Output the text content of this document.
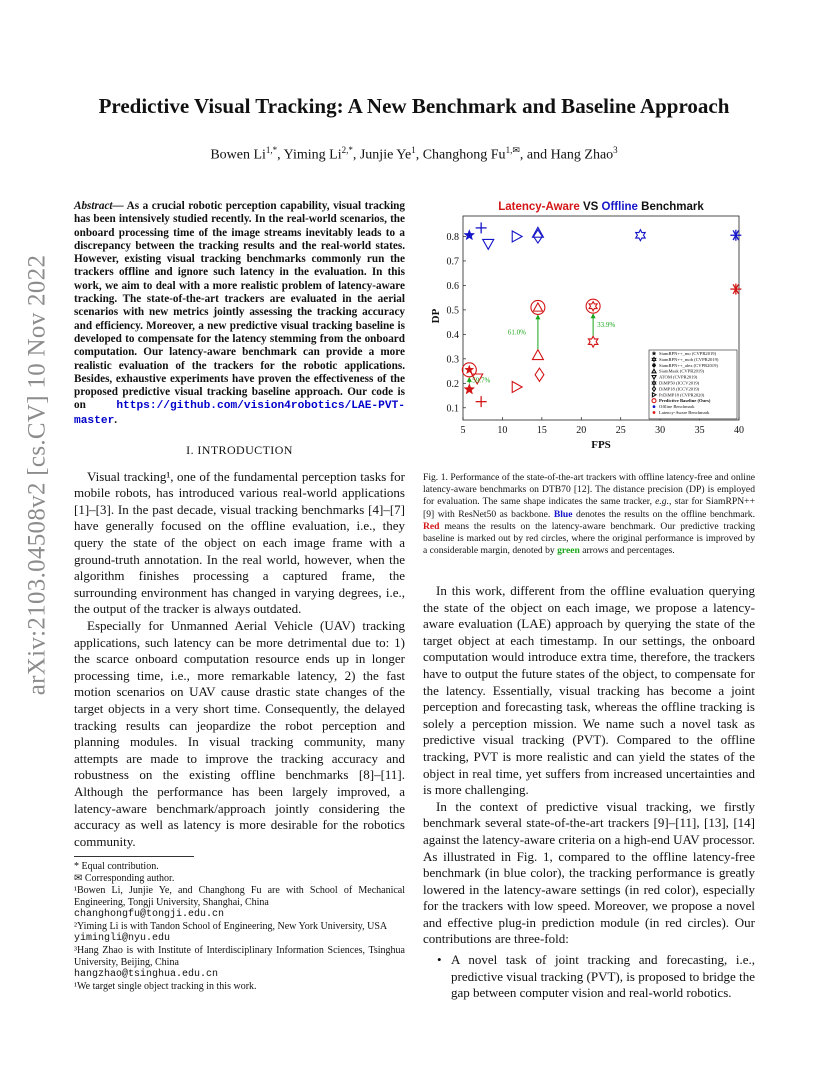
arXiv:2103.04508v2 [cs.CV] 10 Nov 2022
Predictive Visual Tracking: A New Benchmark and Baseline Approach
Bowen $Li^{1,*}$, Yiming $Li^{2,*}$, Junjie Ye$^1$, Changhong $Fu^{1,✉}$, and Hang Zhao$^3$

Abstract— As a crucial robotic perception capability, visual tracking has been intensively studied recently. In the real-world scenarios, the onboard processing time of the image streams inevitably leads to a discrepancy between the tracking results and the real-world states. However, existing visual tracking benchmarks commonly run the trackers offline and ignore such latency in the evaluation. In this work, we aim to deal with a more realistic problem of latency-aware tracking. The state-of-the-art trackers are evaluated in the aerial scenarios with new metrics jointly assessing the tracking accuracy and efficiency. Moreover, a new predictive visual tracking baseline is developed to compensate for the latency stemming from the onboard computation. Our latency-aware benchmark can provide a more realistic evaluation of the trackers for the robotic applications. Besides, exhaustive experiments have proven the effectiveness of the proposed predictive visual tracking baseline approach. Our code is on https://github.com/vision4robotics/LAE-PVT-master.

I. INTRODUCTION

Visual tracking¹, one of the fundamental perception tasks for mobile robots, has introduced various real-world applications [1]–[3]. In the past decade, visual tracking benchmarks [4]–[7] have generally focused on the offline evaluation, i.e., they query the state of the object on each image frame with a ground-truth annotation. In the real world, however, when the algorithm finishes processing a captured frame, the surrounding environment has changed in varying degrees, i.e., the output of the tracker is always outdated.

Especially for Unmanned Aerial Vehicle (UAV) tracking applications, such latency can be more detrimental due to: 1) the scarce onboard computation resource ends up in longer processing time, i.e., more remarkable latency, 2) the fast motion scenarios on UAV cause drastic state changes of the target objects in a very short time. Consequently, the delayed tracking results can jeopardize the robot perception and planning modules. In visual tracking community, many attempts are made to improve the tracking accuracy and robustness on the existing offline benchmarks [8]–[11]. Although the performance has been largely improved, a latency-aware benchmark/approach jointly considering the accuracy as well as latency is more desirable for the robotics community.

* Equal contribution.
✉ Corresponding author.
¹Bowen Li, Junjie Ye, and Changhong Fu are with School of Mechanical Engineering, Tongji University, Shanghai, China
changhongfu@tongji.edu.cn
²Yiming Li is with Tandon School of Engineering, New York University, USA
yimingli@nyu.edu
³Hang Zhao is with Institute of Interdisciplinary Information Sciences, Tsinghua University, Beijing, China
hangzhao@tsinghua.edu.cn
¹We target single object tracking in this work.
Latency-Aware VS Offline Benchmark
5	10	15	20	25	30	35	40
0.1
0.2
0.3
0.4
0.5
0.6
0.7
0.8
FPS
DP
59.7%
61.0%
33.9%
SiamRPN++_mo (CVPR2019)
SiamRPN++_mob (CVPR2019)
SiamRPN++_alex (CVPR2019)
SiamMask (CVPR2019)
ATOM (CVPR2019)
DiMP50 (ICCV2019)
DiMP18 (ICCV2019)
PrDiMP18 (CVPR2020)
Predictive Baseline (Ours)
Offline Benchmark
Latency-Aware Benchmark
Fig. 1. Performance of the state-of-the-art trackers with offline latency-free and online latency-aware benchmarks on DTB70 [12]. The distance precision (DP) is employed for evaluation. The same shape indicates the same tracker, e.g., star for SiamRPN++ [9] with ResNet50 as backbone. Blue denotes the results on the offline benchmark. Red means the results on the latency-aware benchmark. Our predictive tracking baseline is marked out by red circles, where the original performance is improved by a considerable margin, denoted by green arrows and percentages.

In this work, different from the offline evaluation querying the state of the object on each image, we propose a latency-aware evaluation (LAE) approach by querying the state of the target object at each timestamp. In our settings, the onboard computation would introduce extra time, therefore, the trackers have to output the future states of the object, to compensate for the latency. Essentially, visual tracking has become a joint perception and forecasting task, whereas the offline tracking is solely a perception mission. We name such a novel task as predictive visual tracking (PVT). Compared to the offline tracking, PVT is more realistic and can yield the states of the object in real time, yet suffers from increased uncertainties and is more challenging.

In the context of predictive visual tracking, we firstly benchmark several state-of-the-art trackers [9]–[11], [13], [14] against the latency-aware criteria on a high-end UAV processor. As illustrated in Fig. 1, compared to the offline latency-free benchmark (in blue color), the tracking performance is greatly lowered in the latency-aware settings (in red color), especially for the trackers with low speed. Moreover, we propose a novel and effective plug-in prediction module (in red circles). Our contributions are three-fold:

• A novel task of joint tracking and forecasting, i.e., predictive visual tracking (PVT), is proposed to bridge the gap between computer vision and real-world robotics.
